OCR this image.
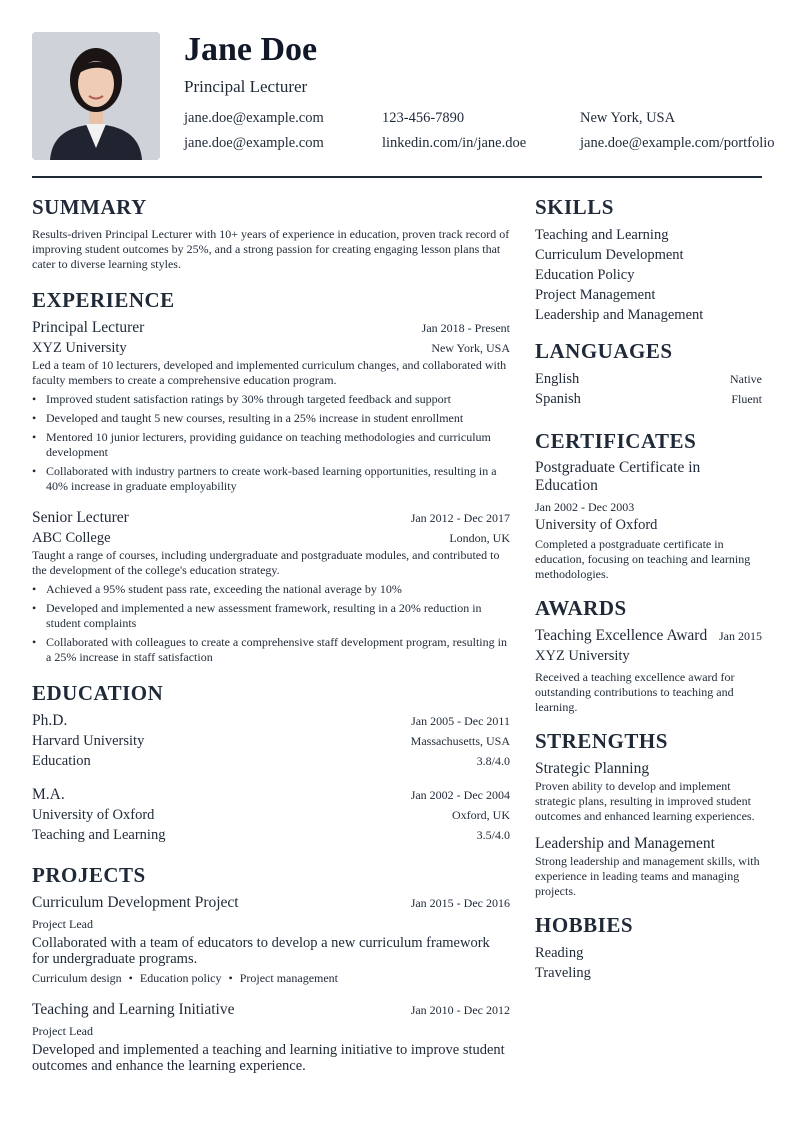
Jane Doe
Principal Lecturer
jane.doe@example.com	123-456-7890	New York, USA
jane.doe@example.com	linkedin.com/in/jane.doe	jane.doe@example.com/portfolio
SUMMARY

Results-driven Principal Lecturer with 10+ years of experience in education, proven track record of improving student outcomes by 25%, and a strong passion for creating engaging lesson plans that cater to diverse learning styles.

EXPERIENCE
Principal Lecturer	Jan 2018 - Present
XYZ University	New York, USA

Led a team of 10 lecturers, developed and implemented curriculum changes, and collaborated with faculty members to create a comprehensive education program.

• Improved student satisfaction ratings by 30% through targeted feedback and support
• Developed and taught 5 new courses, resulting in a 25% increase in student enrollment
• Mentored 10 junior lecturers, providing guidance on teaching methodologies and curriculum development
• Collaborated with industry partners to create work-based learning opportunities, resulting in a 40% increase in graduate employability
Senior Lecturer	Jan 2012 - Dec 2017
ABC College	London, UK

Taught a range of courses, including undergraduate and postgraduate modules, and contributed to the development of the college's education strategy.

• Achieved a 95% student pass rate, exceeding the national average by 10%
• Developed and implemented a new assessment framework, resulting in a 20% reduction in student complaints
• Collaborated with colleagues to create a comprehensive staff development program, resulting in a 25% increase in staff satisfaction
EDUCATION
Ph.D.	Jan 2005 - Dec 2011
Harvard University	Massachusetts, USA
Education	3.8/4.0
M.A.	Jan 2002 - Dec 2004
University of Oxford	Oxford, UK
Teaching and Learning	3.5/4.0
PROJECTS
Curriculum Development Project	Jan 2015 - Dec 2016
Project Lead

Collaborated with a team of educators to develop a new curriculum framework for undergraduate programs.

Curriculum design • Education policy • Project management
Teaching and Learning Initiative	Jan 2010 - Dec 2012
Project Lead

Developed and implemented a teaching and learning initiative to improve student outcomes and enhance the learning experience.

SKILLS
Teaching and Learning
Curriculum Development
Education Policy
Project Management
Leadership and Management
LANGUAGES
English	Native
Spanish	Fluent
CERTIFICATES
Postgraduate Certificate in Education
Jan 2002 - Dec 2003
University of Oxford

Completed a postgraduate certificate in education, focusing on teaching and learning methodologies.

AWARDS
Teaching Excellence Award Jan 2015
XYZ University

Received a teaching excellence award for outstanding contributions to teaching and learning.

STRENGTHS
Strategic Planning

Proven ability to develop and implement strategic plans, resulting in improved student outcomes and enhanced learning experiences.

Leadership and Management

Strong leadership and management skills, with experience in leading teams and managing projects.

HOBBIES
Reading
Traveling
